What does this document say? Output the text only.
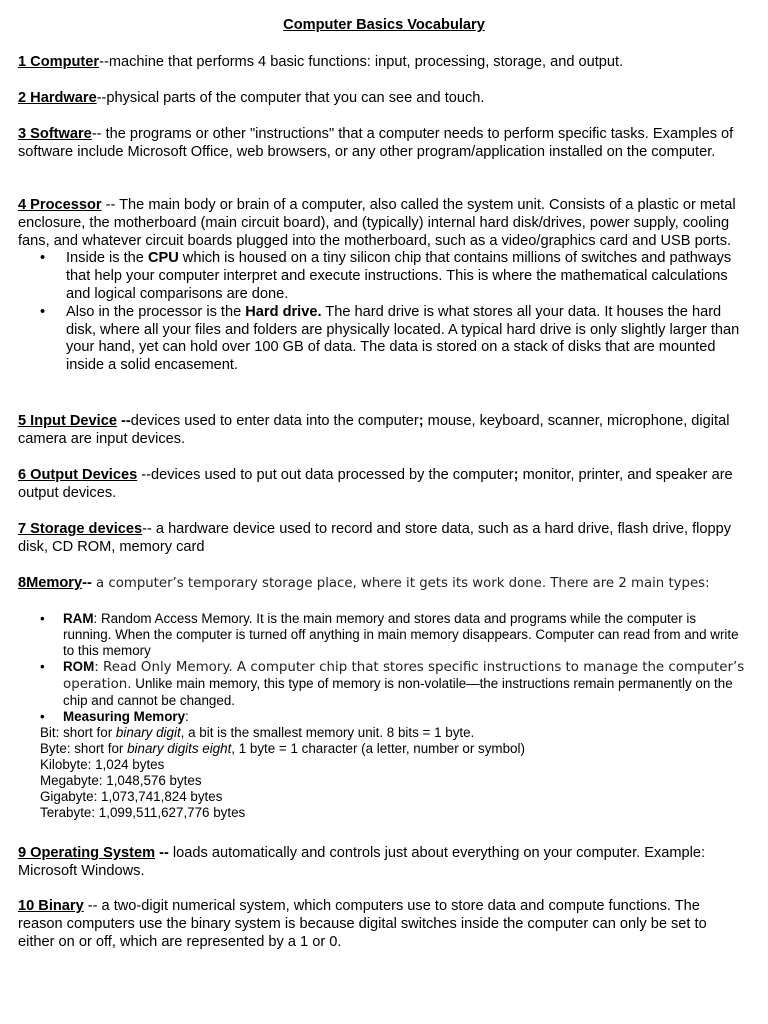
Computer Basics Vocabulary
1 Computer--machine that performs 4 basic functions: input, processing, storage, and output.
2 Hardware--physical parts of the computer that you can see and touch.
3 Software-- the programs or other "instructions" that a computer needs to perform specific tasks. Examples of software include Microsoft Office, web browsers, or any other program/application installed on the computer.
4 Processor -- The main body or brain of a computer, also called the system unit. Consists of a plastic or metal enclosure, the motherboard (main circuit board), and (typically) internal hard disk/drives, power supply, cooling fans, and whatever circuit boards plugged into the motherboard, such as a video/graphics card and USB ports.
• Inside is the CPU which is housed on a tiny silicon chip that contains millions of switches and pathways that help your computer interpret and execute instructions. This is where the mathematical calculations and logical comparisons are done.
• Also in the processor is the Hard drive. The hard drive is what stores all your data. It houses the hard disk, where all your files and folders are physically located. A typical hard drive is only slightly larger than your hand, yet can hold over 100 GB of data. The data is stored on a stack of disks that are mounted inside a solid encasement.
5 Input Device --devices used to enter data into the computer; mouse, keyboard, scanner, microphone, digital camera are input devices.
6 Output Devices --devices used to put out data processed by the computer; monitor, printer, and speaker are output devices.
7 Storage devices-- a hardware device used to record and store data, such as a hard drive, flash drive, floppy disk, CD ROM, memory card
8Memory-- a computer’s temporary storage place, where it gets its work done. There are 2 main types:
• RAM: Random Access Memory. It is the main memory and stores data and programs while the computer is running. When the computer is turned off anything in main memory disappears. Computer can read from and write to this memory
• ROM: Read Only Memory. A computer chip that stores specific instructions to manage the computer’s operation. Unlike main memory, this type of memory is non-volatile—the instructions remain permanently on the chip and cannot be changed.
• Measuring Memory:
Bit: short for binary digit, a bit is the smallest memory unit. 8 bits = 1 byte.
Byte: short for binary digits eight, 1 byte = 1 character (a letter, number or symbol)
Kilobyte: 1,024 bytes
Megabyte: 1,048,576 bytes
Gigabyte: 1,073,741,824 bytes
Terabyte: 1,099,511,627,776 bytes
9 Operating System -- loads automatically and controls just about everything on your computer. Example: Microsoft Windows.
10 Binary -- a two-digit numerical system, which computers use to store data and compute functions. The reason computers use the binary system is because digital switches inside the computer can only be set to either on or off, which are represented by a 1 or 0.
